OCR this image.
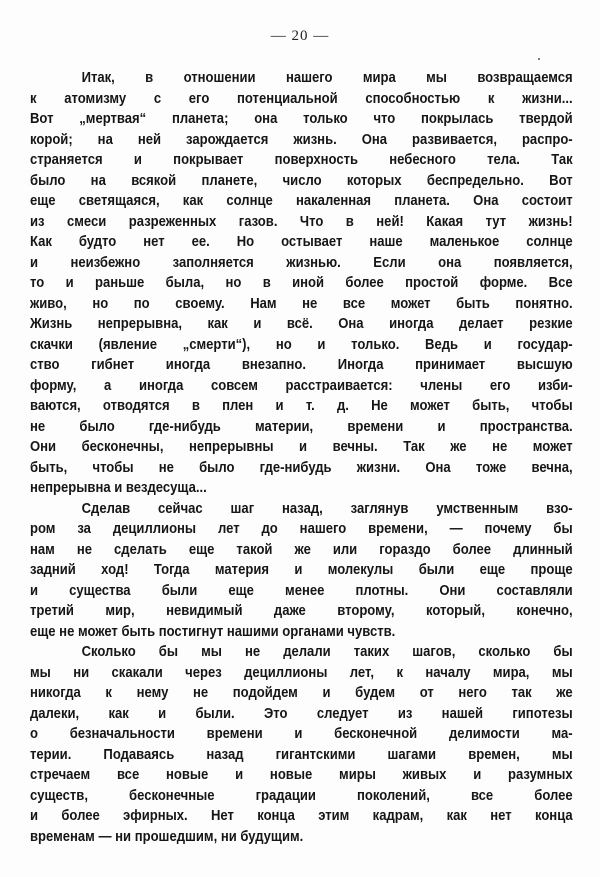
— 20 —
Итак, в отношении нашего мира мы возвращаемся
к атомизму с его потенциальной способностью к жизни...
Вот „мертвая“ планета; она только что покрылась твердой
корой; на ней зарождается жизнь. Она развивается, распро-
страняется и покрывает поверхность небесного тела. Так
было на всякой планете, число которых беспредельно. Вот
еще светящаяся, как солнце накаленная планета. Она состоит
из смеси разреженных газов. Что в ней! Какая тут жизнь!
Как будто нет ее. Но остывает наше маленькое солнце
и неизбежно заполняется жизнью. Если она появляется,
то и раньше была, но в иной более простой форме. Все
живо, но по своему. Нам не все может быть понятно.
Жизнь непрерывна, как и всё. Она иногда делает резкие
скачки (явление „смерти“), но и только. Ведь и государ-
ство гибнет иногда внезапно. Иногда принимает высшую
форму, а иногда совсем расстраивается: члены его изби-
ваются, отводятся в плен и т. д. Не может быть, чтобы
не было где-нибудь материи, времени и пространства.
Они бесконечны, непрерывны и вечны. Так же не может
быть, чтобы не было где-нибудь жизни. Она тоже вечна,
непрерывна и вездесуща...
Сделав сейчас шаг назад, заглянув умственным взо-
ром за дециллионы лет до нашего времени, — почему бы
нам не сделать еще такой же или гораздо более длинный
задний ход! Тогда материя и молекулы были еще проще
и существа были еще менее плотны. Они составляли
третий мир, невидимый даже второму, который, конечно,
еще не может быть постигнут нашими органами чувств.
Сколько бы мы не делали таких шагов, сколько бы
мы ни скакали через дециллионы лет, к началу мира, мы
никогда к нему не подойдем и будем от него так же
далеки, как и были. Это следует из нашей гипотезы
о безначальности времени и бесконечной делимости ма-
терии. Подаваясь назад гигантскими шагами времен, мы
стречаем все новые и новые миры живых и разумных
существ, бесконечные градации поколений, все более
и более эфирных. Нет конца этим кадрам, как нет конца
временам — ни прошедшим, ни будущим.
